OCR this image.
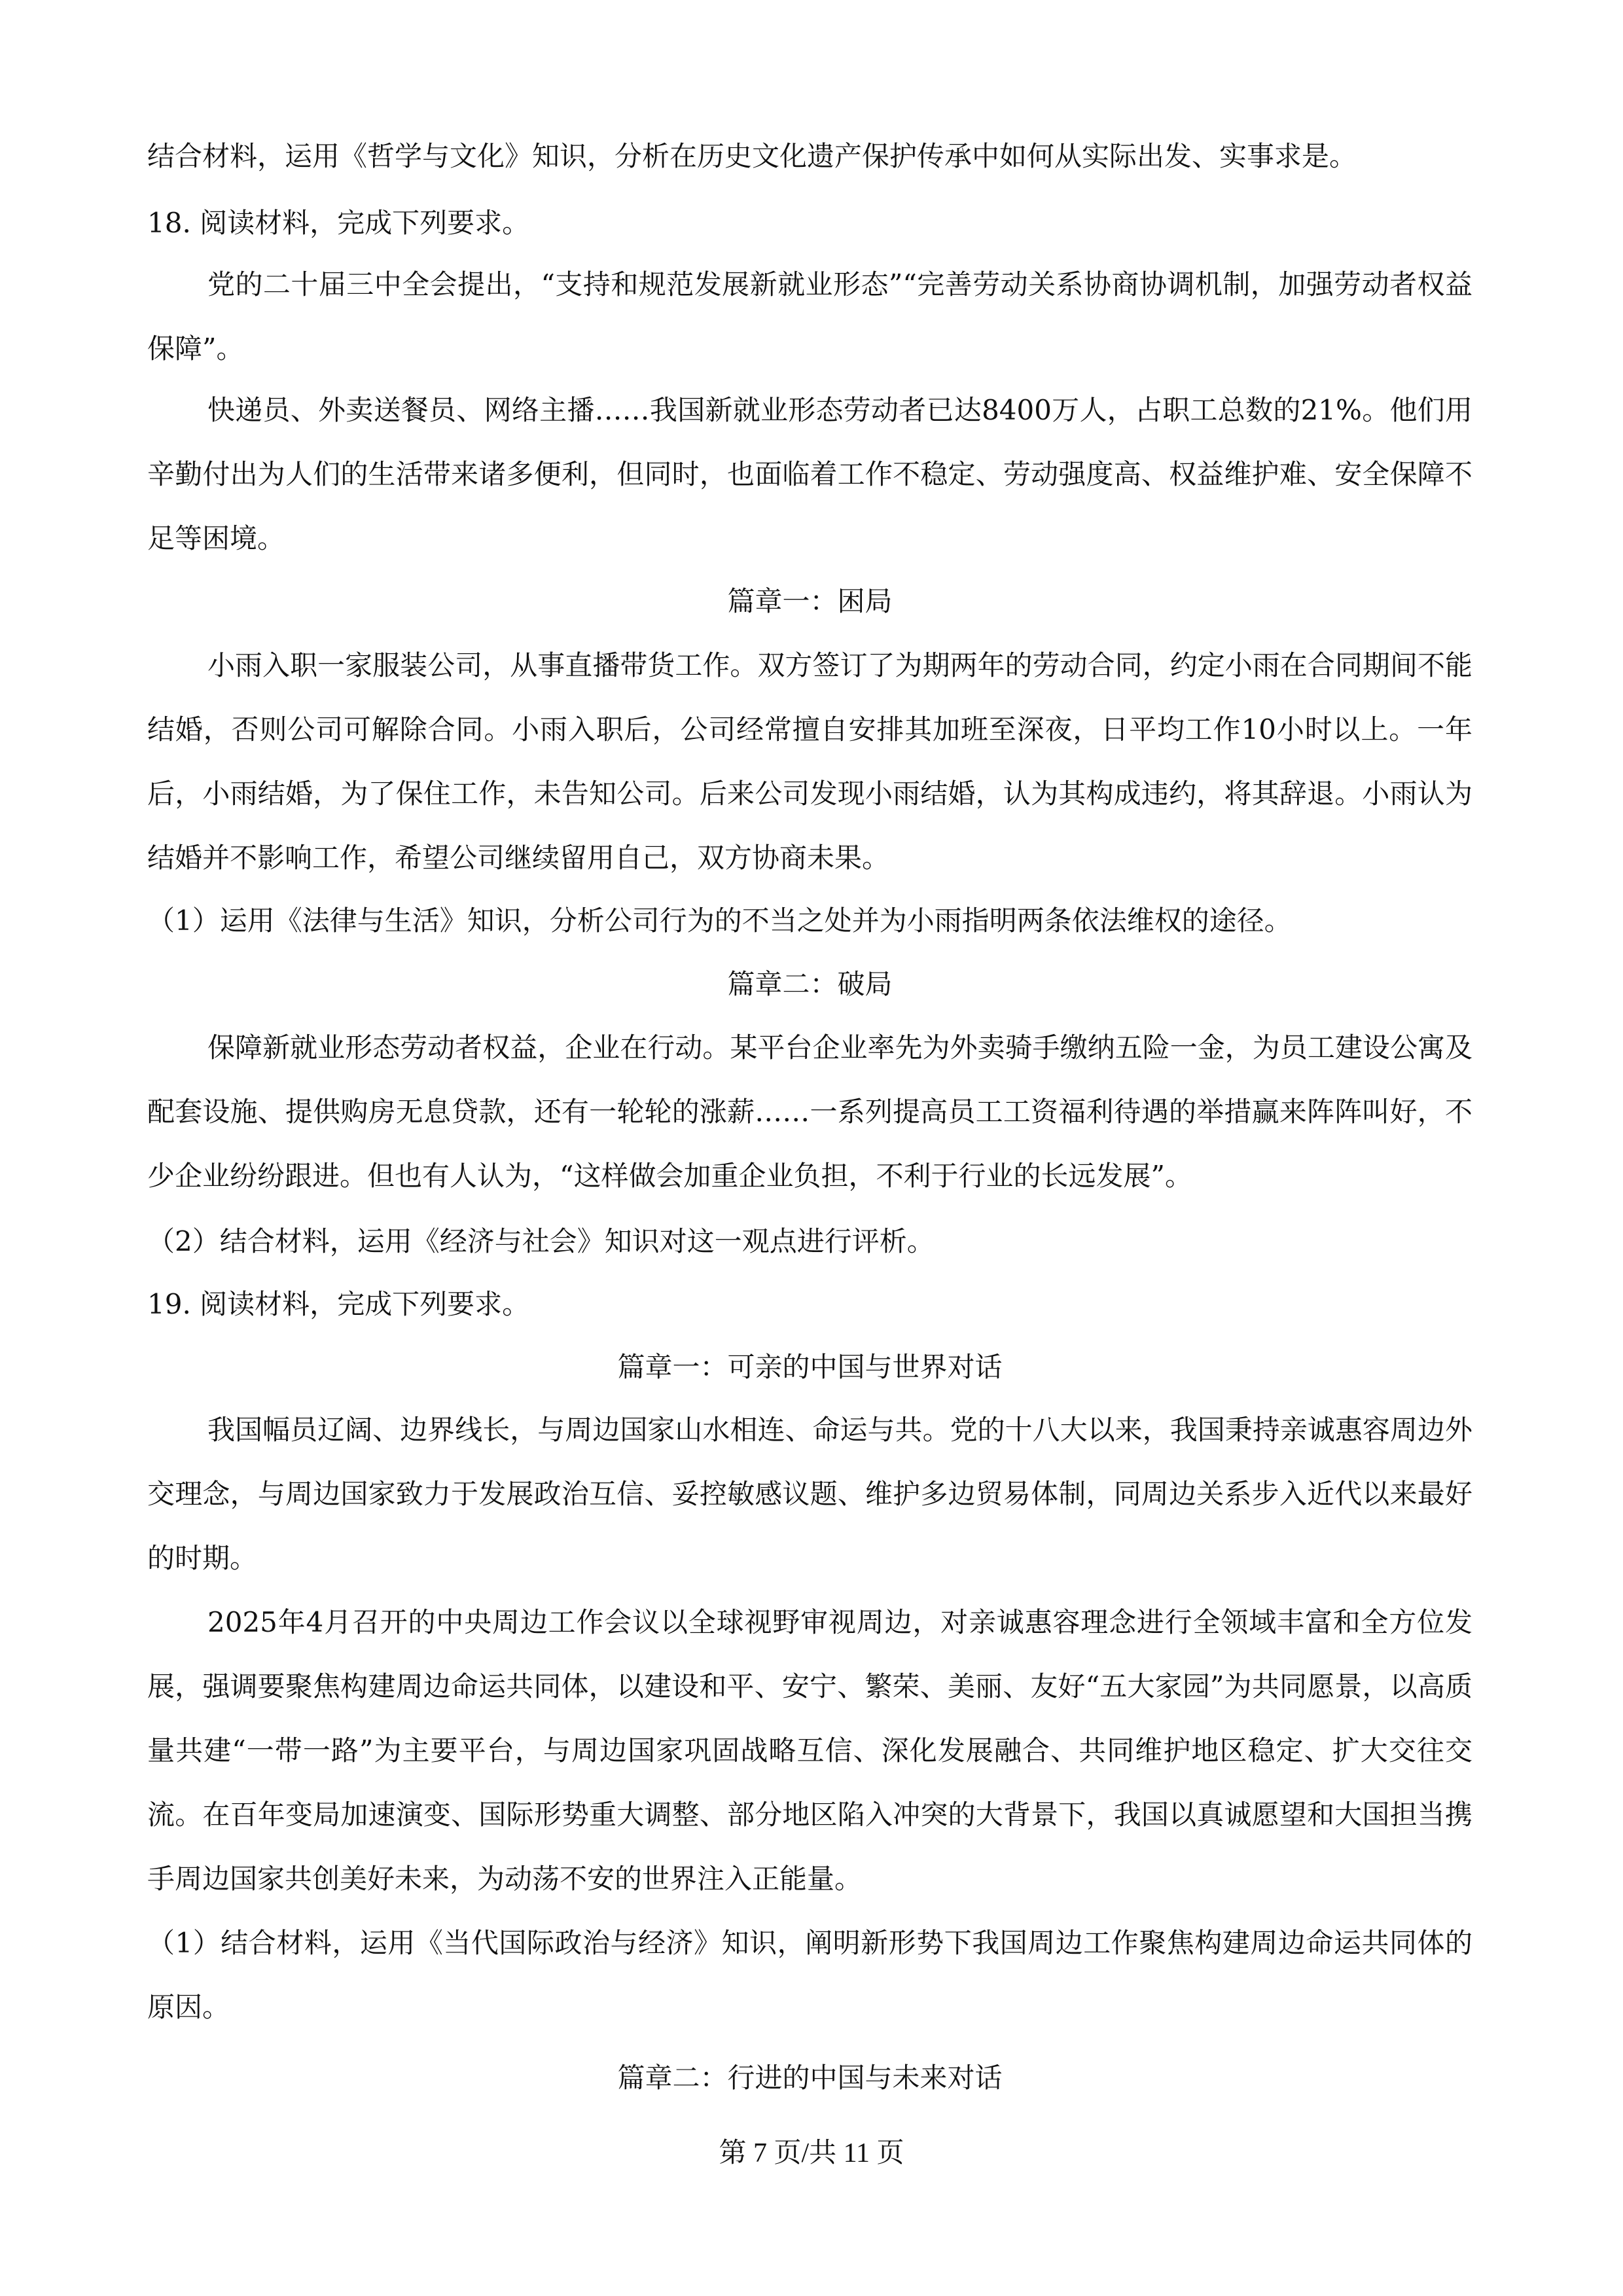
结合材料，运用《哲学与文化》知识，分析在历史文化遗产保护传承中如何从实际出发、实事求是。

18. 阅读材料，完成下列要求。

党的二十届三中全会提出，“支持和规范发展新就业形态”“完善劳动关系协商协调机制，加强劳动者权益保障”。

快递员、外卖送餐员、网络主播……我国新就业形态劳动者已达8400万人，占职工总数的21%。他们用辛勤付出为人们的生活带来诸多便利，但同时，也面临着工作不稳定、劳动强度高、权益维护难、安全保障不足等困境。

篇章一：困局

小雨入职一家服装公司，从事直播带货工作。双方签订了为期两年的劳动合同，约定小雨在合同期间不能结婚，否则公司可解除合同。小雨入职后，公司经常擅自安排其加班至深夜，日平均工作10小时以上。一年后，小雨结婚，为了保住工作，未告知公司。后来公司发现小雨结婚，认为其构成违约，将其辞退。小雨认为结婚并不影响工作，希望公司继续留用自己，双方协商未果。

（1）运用《法律与生活》知识，分析公司行为的不当之处并为小雨指明两条依法维权的途径。

篇章二：破局

保障新就业形态劳动者权益，企业在行动。某平台企业率先为外卖骑手缴纳五险一金，为员工建设公寓及配套设施、提供购房无息贷款，还有一轮轮的涨薪……一系列提高员工工资福利待遇的举措赢来阵阵叫好，不少企业纷纷跟进。但也有人认为，“这样做会加重企业负担，不利于行业的长远发展”。

（2）结合材料，运用《经济与社会》知识对这一观点进行评析。

19. 阅读材料，完成下列要求。

篇章一：可亲的中国与世界对话

我国幅员辽阔、边界线长，与周边国家山水相连、命运与共。党的十八大以来，我国秉持亲诚惠容周边外交理念，与周边国家致力于发展政治互信、妥控敏感议题、维护多边贸易体制，同周边关系步入近代以来最好的时期。

2025年4月召开的中央周边工作会议以全球视野审视周边，对亲诚惠容理念进行全领域丰富和全方位发展，强调要聚焦构建周边命运共同体，以建设和平、安宁、繁荣、美丽、友好“五大家园”为共同愿景，以高质量共建“一带一路”为主要平台，与周边国家巩固战略互信、深化发展融合、共同维护地区稳定、扩大交往交流。在百年变局加速演变、国际形势重大调整、部分地区陷入冲突的大背景下，我国以真诚愿望和大国担当携手周边国家共创美好未来，为动荡不安的世界注入正能量。

（1）结合材料，运用《当代国际政治与经济》知识，阐明新形势下我国周边工作聚焦构建周边命运共同体的原因。

篇章二：行进的中国与未来对话

第 7 页/共 11 页
